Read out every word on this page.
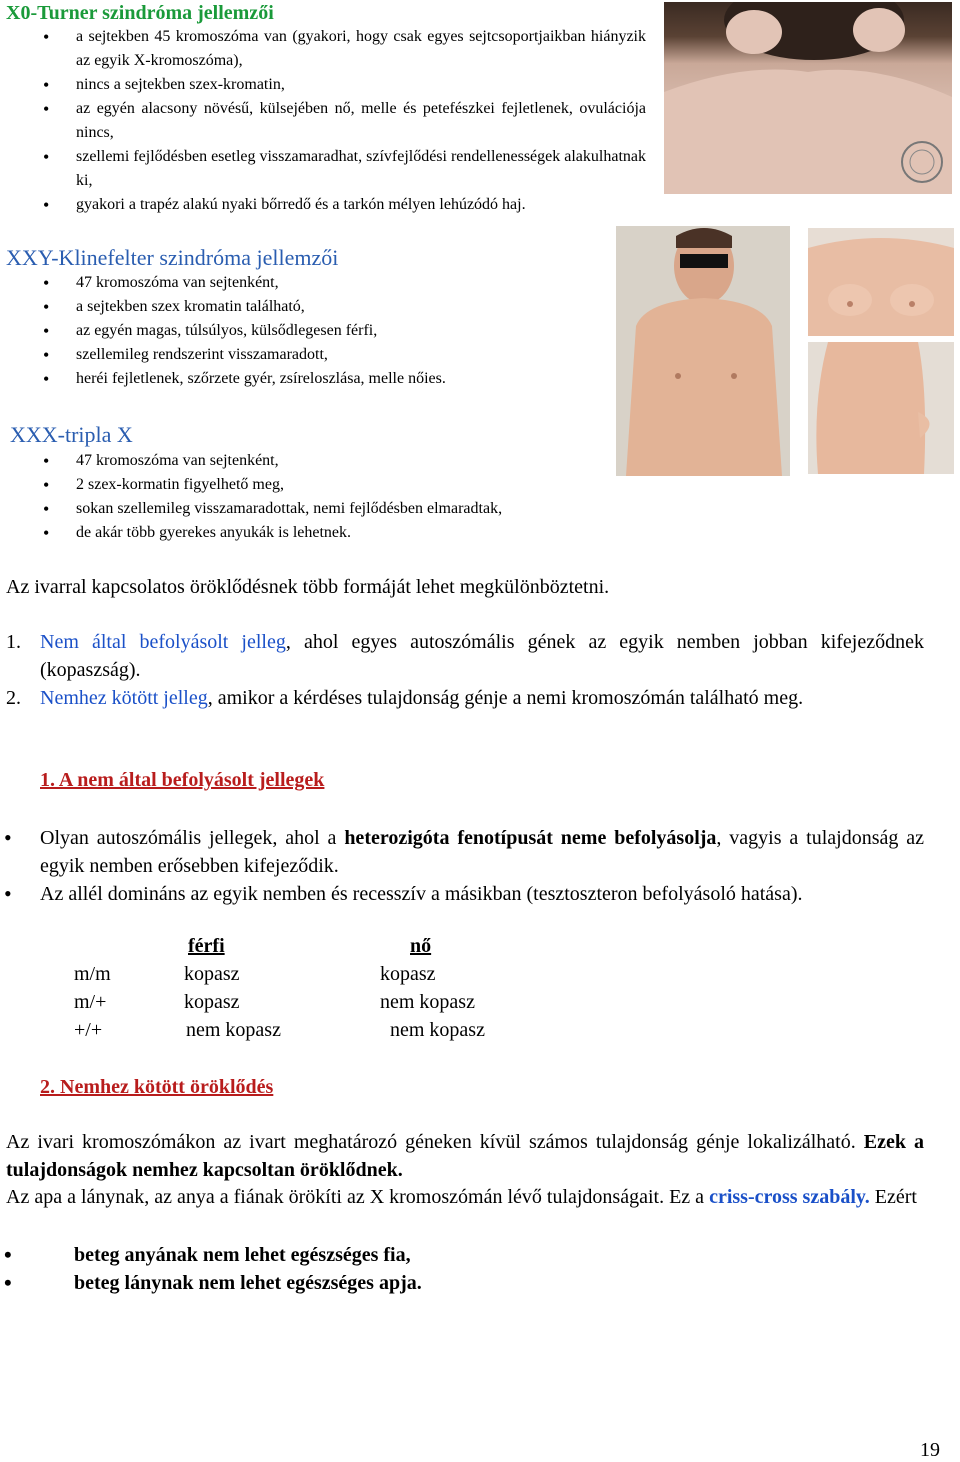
X0-Turner szindróma jellemzői
• a sejtekben 45 kromoszóma van (gyakori, hogy csak egyes sejtcsoportjaikban hiányzik az egyik X-kromoszóma),
• nincs a sejtekben szex-kromatin,
• az egyén alacsony növésű, külsejében nő, melle és petefészkei fejletlenek, ovulációja nincs,
• szellemi fejlődésben esetleg visszamaradhat, szívfejlődési rendellenességek alakulhatnak ki,
• gyakori a trapéz alakú nyaki bőrredő és a tarkón mélyen lehúzódó haj.
XXY-Klinefelter szindróma jellemzői
• 47 kromoszóma van sejtenként,
• a sejtekben szex kromatin található,
• az egyén magas, túlsúlyos, külsődlegesen férfi,
• szellemileg rendszerint visszamaradott,
• heréi fejletlenek, szőrzete gyér, zsíreloszlása, melle nőies.
XXX-tripla X
• 47 kromoszóma van sejtenként,
• 2 szex-kormatin figyelhető meg,
• sokan szellemileg visszamaradottak, nemi fejlődésben elmaradtak,
• de akár több gyerekes anyukák is lehetnek.
Az ivarral kapcsolatos öröklődésnek több formáját lehet megkülönböztetni.
1. Nem által befolyásolt jelleg, ahol egyes autoszómális gének az egyik nemben jobban kifejeződnek (kopaszság).
2. Nemhez kötött jelleg, amikor a kérdéses tulajdonság génje a nemi kromoszómán található meg.
1. A nem által befolyásolt jellegek
• Olyan autoszómális jellegek, ahol a heterozigóta fenotípusát neme befolyásolja, vagyis a tulajdonság az egyik nemben erősebben kifejeződik.
• Az allél domináns az egyik nemben és recesszív a másikban (tesztoszteron befolyásoló hatása).
	férfi	nő
m/m	kopasz	kopasz
m/+	kopasz	nem kopasz
+/+	nem kopasz	nem kopasz
2. Nemhez kötött öröklődés
Az ivari kromoszómákon az ivart meghatározó géneken kívül számos tulajdonság génje lokalizálható. Ezek a tulajdonságok nemhez kapcsoltan öröklődnek.
Az apa a lánynak, az anya a fiának örökíti az X kromoszómán lévő tulajdonságait. Ez a criss-cross szabály. Ezért
• beteg anyának nem lehet egészséges fia,
• beteg lánynak nem lehet egészséges apja.
19
